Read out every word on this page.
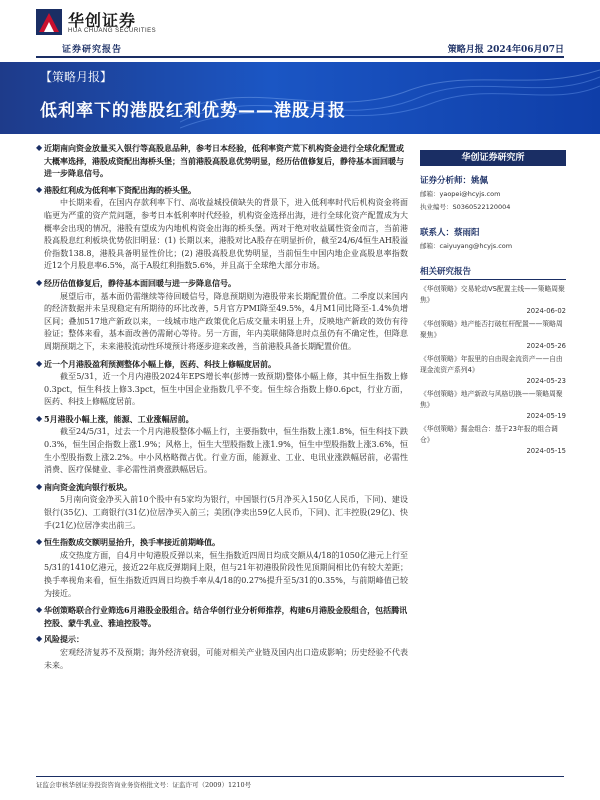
华创证券
HUA CHUANG SECURITIES
证券研究报告	策略月报 2024年06月07日
【策略月报】
低利率下的港股红利优势——港股月报
◆ 近期南向资金放量买入银行等高股息品种，参考日本经验，低利率资产荒下机构资金进行全球化配置或大概率选择，港股成资配出海桥头堡；当前港股高股息优势明显，经历估值修复后，静待基本面回暖与进一步降息信号。
◆ 港股红利成为低利率下资配出海的桥头堡。
中长期来看，在国内存款利率下行、高收益城投债缺失的背景下，进入低利率时代后机构资金将面临更为严重的资产荒问题，参考日本低利率时代经验，机构资金选择出海，进行全球化资产配置成为大概率会出现的情况，港股有望成为内地机构资金出海的桥头堡。两对于绝对收益属性资金而言，当前港股高股息红利板块优势依旧明显：(1) 长期以来，港股对比A股存在明显折价，截至24/6/4恒生AH股溢价指数138.8，港股具备明显性价比；(2) 港股高股息优势明显，当前恒生中国内地企业高股息率指数近12个月股息率6.5%，高于A股红利指数5.6%，并且高于全球绝大部分市场。
◆ 经历估值修复后，静待基本面回暖与进一步降息信号。
展望后市，基本面仍需继续等待回暖信号，降息预期则为港股带来长期配置价值。二季度以来国内的经济数据并未呈现稳定有所期待的环比改善，5月官方PMI降至49.5%，4月M1同比降至-1.4%负增区间；叠加517地产新政以来，一线城市地产政策优化后成交量未明显上升，反映地产新政的效仿有待验证；整体来看，基本面改善仍需耐心等待。另一方面，年内美联储降息时点虽仍有不确定性，但降息周期预期之下，未来港股流动性环境预计将逐步迎来改善，当前港股具备长期配置价值。
◆ 近一个月港股盈利预测整体小幅上修，医药、科技上修幅度居前。
截至5/31，近一个月内港股2024年EPS增长率(彭博一致预期)整体小幅上修，其中恒生指数上修0.3pct，恒生科技上修3.3pct，恒生中国企业指数几乎不变。恒生综合指数上修0.6pct，行业方面，医药、科技上修幅度居前。
◆ 5月港股小幅上涨，能源、工业涨幅居前。
截至24/5/31，过去一个月内港股整体小幅上行，主要指数中，恒生指数上涨1.8%，恒生科技下跌0.3%，恒生国企指数上涨1.9%；风格上，恒生大型股指数上涨1.9%，恒生中型股指数上涨3.6%，恒生小型股指数上涨2.2%。中小风格略微占优。行业方面，能源业、工业、电讯业涨跌幅居前，必需性消费、医疗保健业、非必需性消费涨跌幅居后。
◆ 南向资金流向银行板块。
5月南向资金净买入前10个股中有5家均为银行，中国银行(5月净买入150亿人民币，下同)、建设银行(35亿)、工商银行(31亿)位居净买入前三；美团(净卖出59亿人民币，下同)、汇丰控股(29亿)、快手(21亿)位居净卖出前三。
◆ 恒生指数成交额明显抬升，换手率接近前期峰值。
成交热度方面，自4月中旬港股反弹以来，恒生指数近四周日均成交额从4/18的1050亿港元上行至5/31的1410亿港元，接近22年底反弹期间上限，但与21年初港股阶段性见顶期间相比仍有较大差距；换手率视角来看，恒生指数近四周日均换手率从4/18的0.27%提升至5/31的0.35%，与前期峰值已较为接近。
◆ 华创策略联合行业筛选6月港股金股组合。结合华创行业分析师推荐，构建6月港股金股组合，包括腾讯控股、蒙牛乳业、雅迪控股等。
◆ 风险提示：
宏观经济复苏不及预期；海外经济衰弱，可能对相关产业链及国内出口造成影响；历史经验不代表未来。
华创证券研究所
证券分析师：姚佩
邮箱：yaopei@hcyjs.com
执业编号：S0360522120004
联系人：蔡雨阳
邮箱：caiyuyang@hcyjs.com
相关研究报告
《华创策略》交易轮动VS配置主线——策略周聚焦》
2024-06-02
《华创策略》地产能否打破杠杆配置——策略周聚焦》
2024-05-26
《华创策略》年报里的自由现金流资产——自由现金流资产系列4》
2024-05-23
《华创策略》地产新政与风格切换——策略周聚焦》
2024-05-19
《华创策略》掘金组合：基于23年报的组合调仓》
2024-05-15
证监会审核华创证券投资咨询业务资格批文号：证监许可（2009）1210号
